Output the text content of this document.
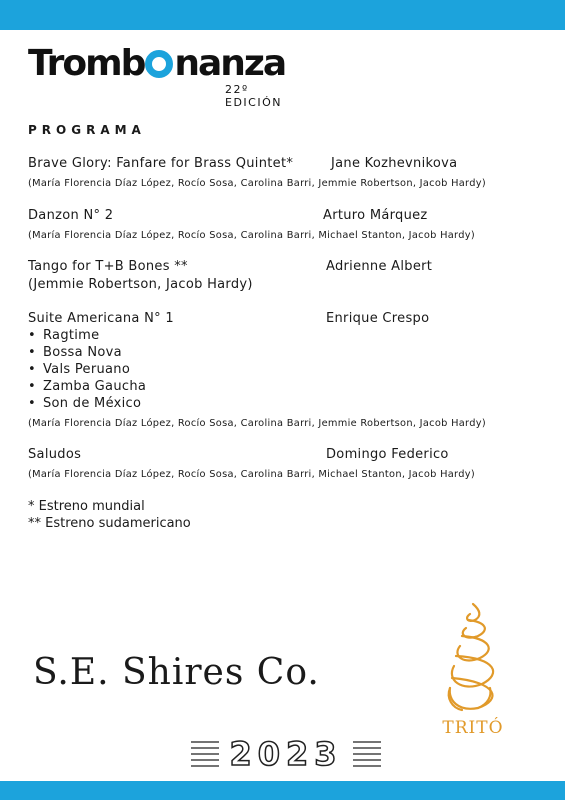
Tromb nanza
22º EDICIÓN
PROGRAMA
Brave Glory: Fanfare for Brass Quintet*	Jane Kozhevnikova
(María Florencia Díaz López, Rocío Sosa, Carolina Barri, Jemmie Robertson, Jacob Hardy)
Danzon N° 2	Arturo Márquez
(María Florencia Díaz López, Rocío Sosa, Carolina Barri, Michael Stanton, Jacob Hardy)
Tango for T+B Bones **	Adrienne Albert
(Jemmie Robertson, Jacob Hardy)
Suite Americana N° 1	Enrique Crespo
• Ragtime
• Bossa Nova
• Vals Peruano
• Zamba Gaucha
• Son de México
(María Florencia Díaz López, Rocío Sosa, Carolina Barri, Jemmie Robertson, Jacob Hardy)
Saludos	Domingo Federico
(María Florencia Díaz López, Rocío Sosa, Carolina Barri, Michael Stanton, Jacob Hardy)
* Estreno mundial
** Estreno sudamericano
S.E. Shires Co.
TRITÓ
2023
